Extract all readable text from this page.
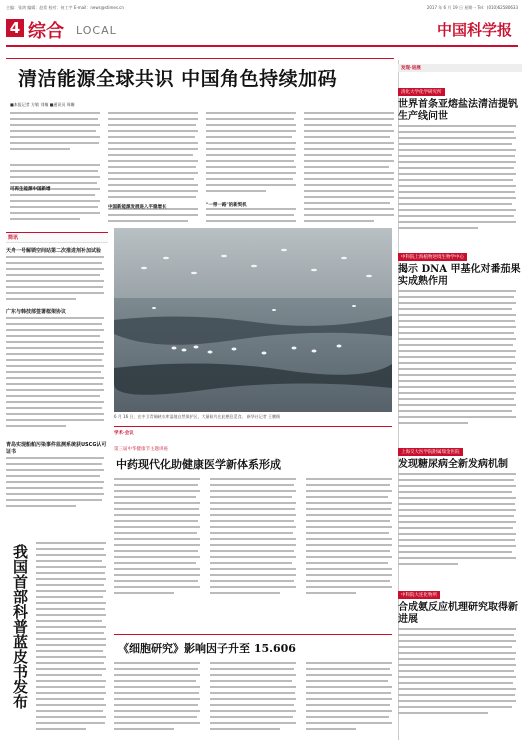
主编：张鸿 编辑：赵希 校对：何工宇 E-mail：news@stimes.cn	2017 年 6 月 19 日 星期一 Tel：(010)62580633
4 综合 LOCAL	中国科学报
清洁能源全球共识 中国角色持续加码
■本报记者 方敏 刘楠 ■通讯员 周姗
可再生能源中国新增
中国新能源发展进入平稳增长	"一带一路"的新契机
简讯
天舟一号解锁空间站第二次推进剂补加试验
广东与韩技部签署框架协议
青岛实现船舶污染事件监测系统获USCG认可证书
我国首部科普蓝皮书发布
6 月 16 日，在中卫青铜峡水库湿地自然保护区，大量候鸟在此栖息觅食。 新华社记者 王鹏摄
学术·会议
第三届中华健康节主题讲座
中药现代化助健康医学新体系形成
《细胞研究》影响因子升至 15.606
发现·进展
清化大学化学研究所
世界首条亚熔盐法清洁提钒生产线问世
中科院上海植物逆境生物学中心
揭示 DNA 甲基化对番茄果实成熟作用
上海交大医学院附属瑞金医院
发现糖尿病全新发病机制
中科院大连化物所
合成氨反应机理研究取得新进展
